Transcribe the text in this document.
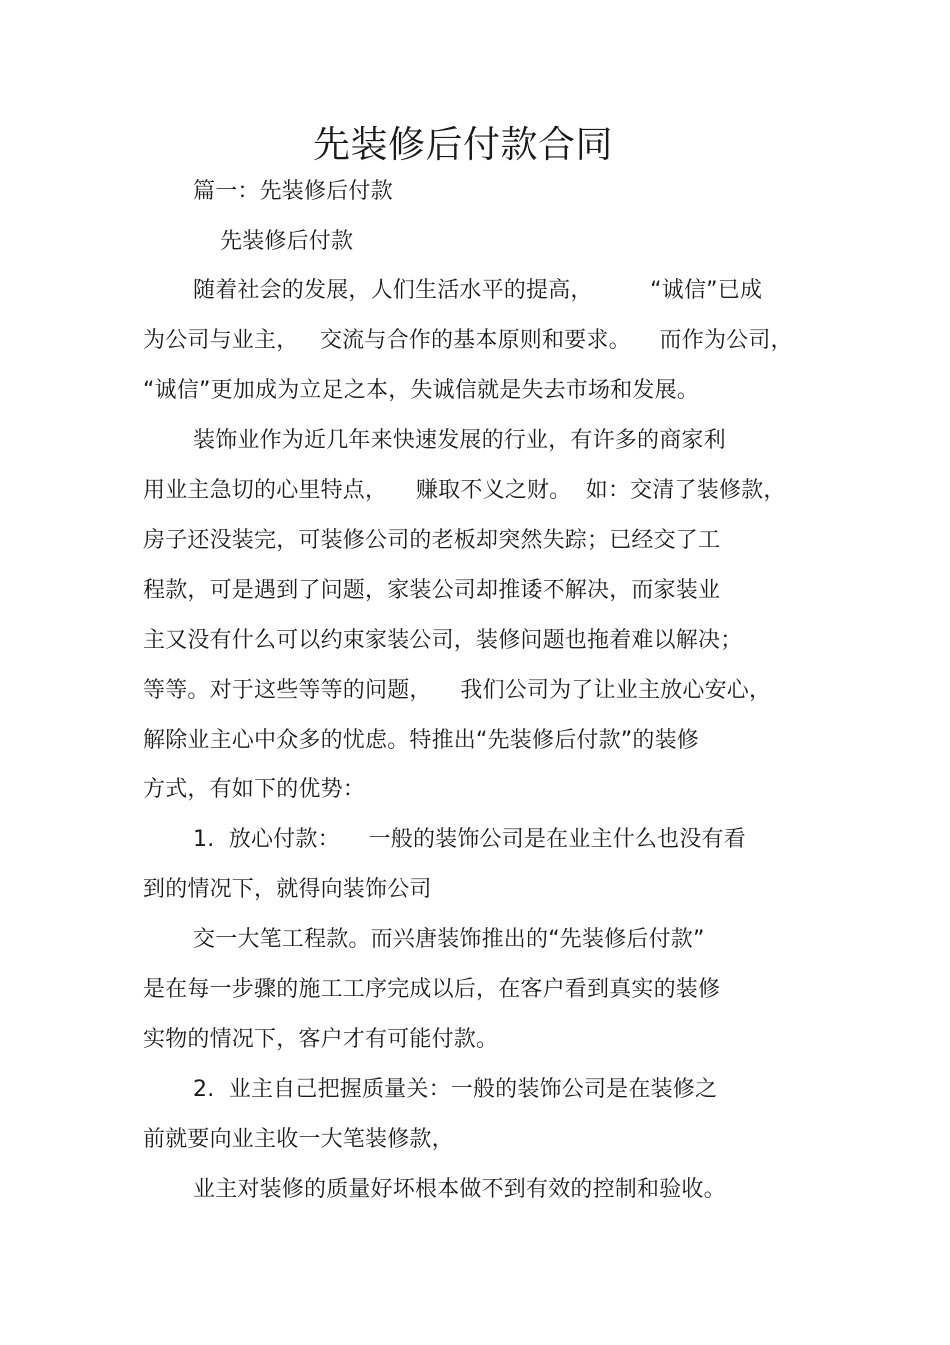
先装修后付款合同

篇一：先装修后付款

先装修后付款

随着社会的发展，人们生活水平的提高，        “诚信”已成

为公司与业主，   交流与合作的基本原则和要求。    而作为公司，

“诚信”更加成为立足之本，失诚信就是失去市场和发展。

装饰业作为近几年来快速发展的行业，有许多的商家利

用业主急切的心里特点，    赚取不义之财。  如：交清了装修款，

房子还没装完，可装修公司的老板却突然失踪；已经交了工

程款，可是遇到了问题，家装公司却推诿不解决，而家装业

主又没有什么可以约束家装公司，装修问题也拖着难以解决；

等等。对于这些等等的问题，    我们公司为了让业主放心安心，

解除业主心中众多的忧虑。特推出“先装修后付款”的装修

方式，有如下的优势：

1.  放心付款：    一般的装饰公司是在业主什么也没有看

到的情况下，就得向装饰公司

交一大笔工程款。而兴唐装饰推出的“先装修后付款”

是在每一步骤的施工工序完成以后，在客户看到真实的装修

实物的情况下，客户才有可能付款。

2.  业主自己把握质量关：一般的装饰公司是在装修之

前就要向业主收一大笔装修款，

业主对装修的质量好坏根本做不到有效的控制和验收。
